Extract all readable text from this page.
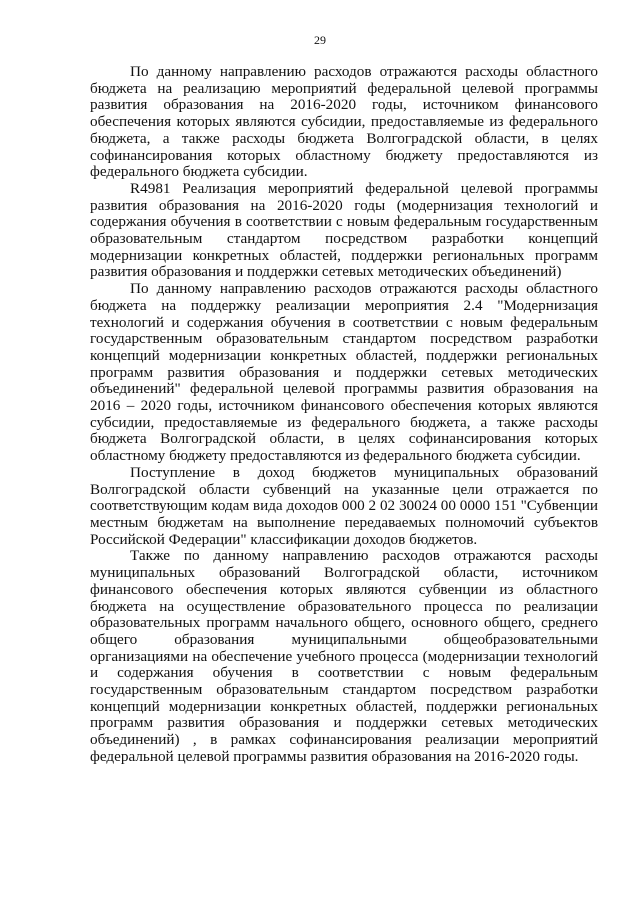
29

По данному направлению расходов отражаются расходы областного бюджета на реализацию мероприятий федеральной целевой программы развития образования на 2016-2020 годы, источником финансового обеспечения которых являются субсидии, предоставляемые из федерального бюджета, а также расходы бюджета Волгоградской области, в целях софинансирования которых областному бюджету предоставляются из федерального бюджета субсидии.

R4981 Реализация мероприятий федеральной целевой программы развития образования на 2016-2020 годы (модернизация технологий и содержания обучения в соответствии с новым федеральным государственным образовательным стандартом посредством разработки концепций модернизации конкретных областей, поддержки региональных программ развития образования и поддержки сетевых методических объединений)

По данному направлению расходов отражаются расходы областного бюджета на поддержку реализации мероприятия 2.4 "Модернизация технологий и содержания обучения в соответствии с новым федеральным государственным образовательным стандартом посредством разработки концепций модернизации конкретных областей, поддержки региональных программ развития образования и поддержки сетевых методических объединений" федеральной целевой программы развития образования на 2016 – 2020 годы, источником финансового обеспечения которых являются субсидии, предоставляемые из федерального бюджета, а также расходы бюджета Волгоградской области, в целях софинансирования которых областному бюджету предоставляются из федерального бюджета субсидии.

Поступление в доход бюджетов муниципальных образований Волгоградской области субвенций на указанные цели отражается по соответствующим кодам вида доходов 000 2 02 30024 00 0000 151 "Субвенции местным бюджетам на выполнение передаваемых полномочий субъектов Российской Федерации" классификации доходов бюджетов.

Также по данному направлению расходов отражаются расходы муниципальных образований Волгоградской области, источником финансового обеспечения которых являются субвенции из областного бюджета на осуществление образовательного процесса по реализации образовательных программ начального общего, основного общего, среднего общего образования муниципальными общеобразовательными организациями на обеспечение учебного процесса (модернизации технологий и содержания обучения в соответствии с новым федеральным государственным образовательным стандартом посредством разработки концепций модернизации конкретных областей, поддержки региональных программ развития образования и поддержки сетевых методических объединений) , в рамках софинансирования реализации мероприятий федеральной целевой программы развития образования на 2016-2020 годы.
